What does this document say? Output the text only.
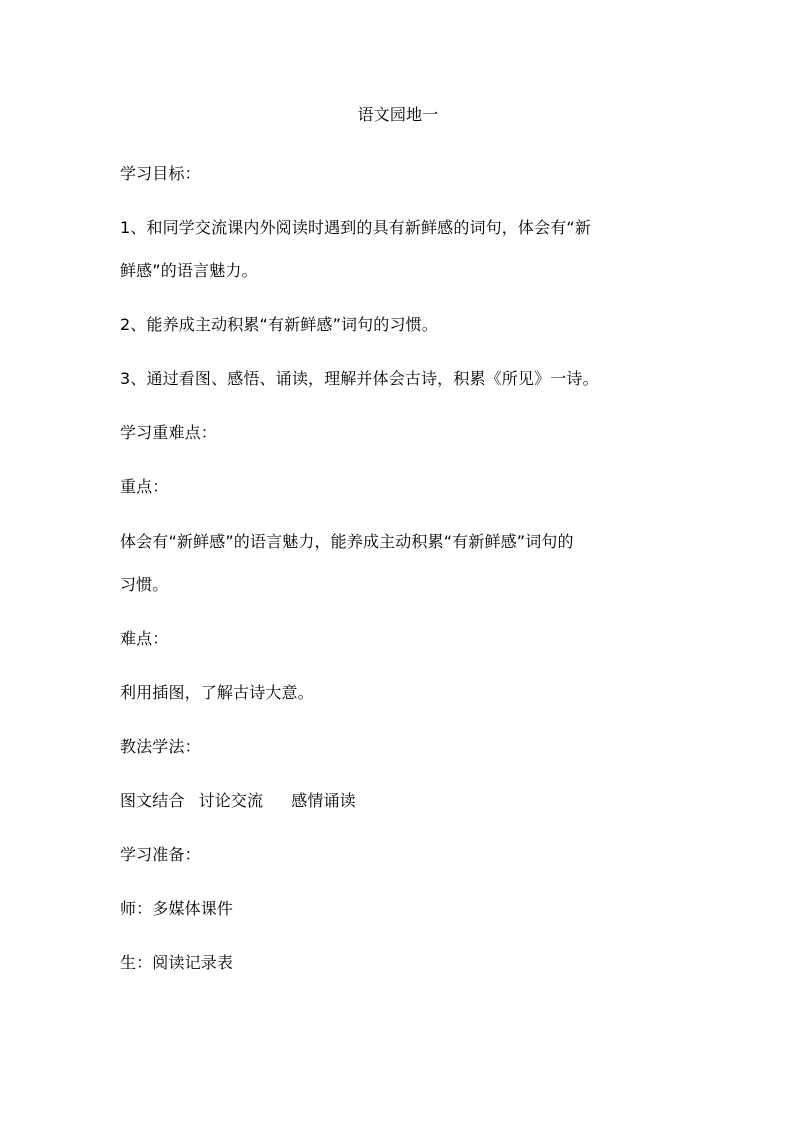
语文园地一
学习目标：
1、和同学交流课内外阅读时遇到的具有新鲜感的词句，体会有“新
鲜感”的语言魅力。
2、能养成主动积累“有新鲜感”词句的习惯。
3、通过看图、感悟、诵读，理解并体会古诗，积累《所见》一诗。
学习重难点：
重点：
体会有“新鲜感”的语言魅力，能养成主动积累“有新鲜感”词句的
习惯。
难点：
利用插图，了解古诗大意。
教法学法：
图文结合 讨论交流 感情诵读
学习准备：
师：多媒体课件
生：阅读记录表
